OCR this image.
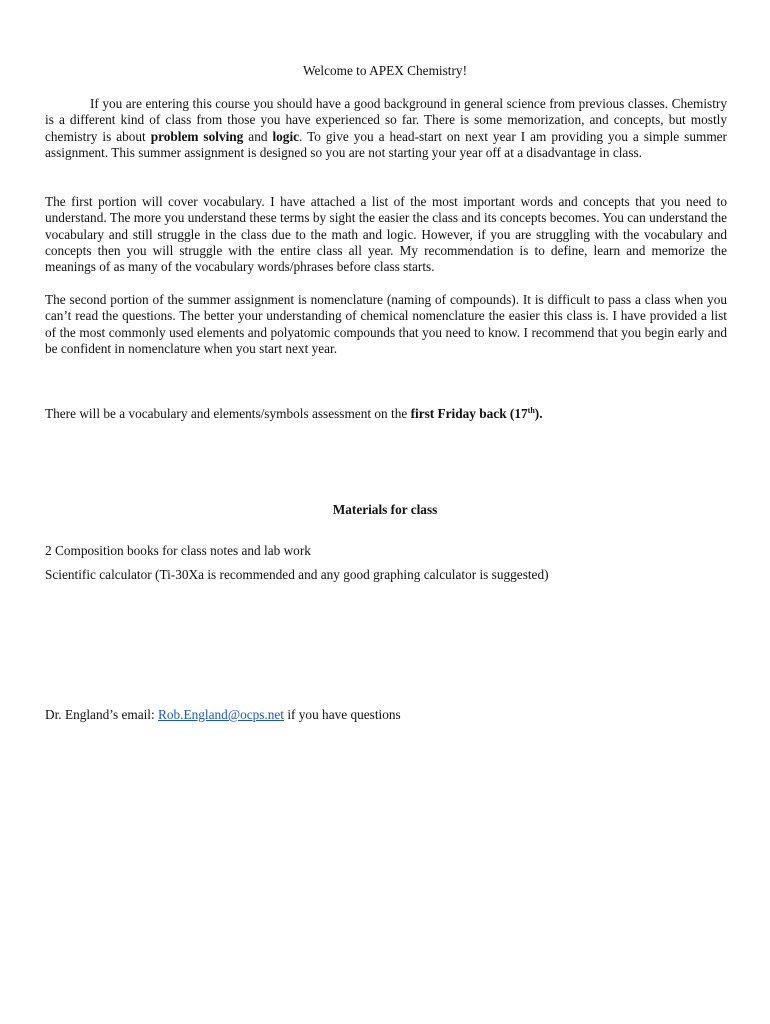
Welcome to APEX Chemistry!
If you are entering this course you should have a good background in general science from previous classes. Chemistry is a different kind of class from those you have experienced so far. There is some memorization, and concepts, but mostly chemistry is about problem solving and logic. To give you a head-start on next year I am providing you a simple summer assignment. This summer assignment is designed so you are not starting your year off at a disadvantage in class.
The first portion will cover vocabulary. I have attached a list of the most important words and concepts that you need to understand. The more you understand these terms by sight the easier the class and its concepts becomes. You can understand the vocabulary and still struggle in the class due to the math and logic. However, if you are struggling with the vocabulary and concepts then you will struggle with the entire class all year. My recommendation is to define, learn and memorize the meanings of as many of the vocabulary words/phrases before class starts.
The second portion of the summer assignment is nomenclature (naming of compounds). It is difficult to pass a class when you can’t read the questions. The better your understanding of chemical nomenclature the easier this class is. I have provided a list of the most commonly used elements and polyatomic compounds that you need to know. I recommend that you begin early and be confident in nomenclature when you start next year.
There will be a vocabulary and elements/symbols assessment on the first Friday back (17th).
Materials for class
2 Composition books for class notes and lab work
Scientific calculator (Ti-30Xa is recommended and any good graphing calculator is suggested)
Dr. England’s email: Rob.England@ocps.net if you have questions
